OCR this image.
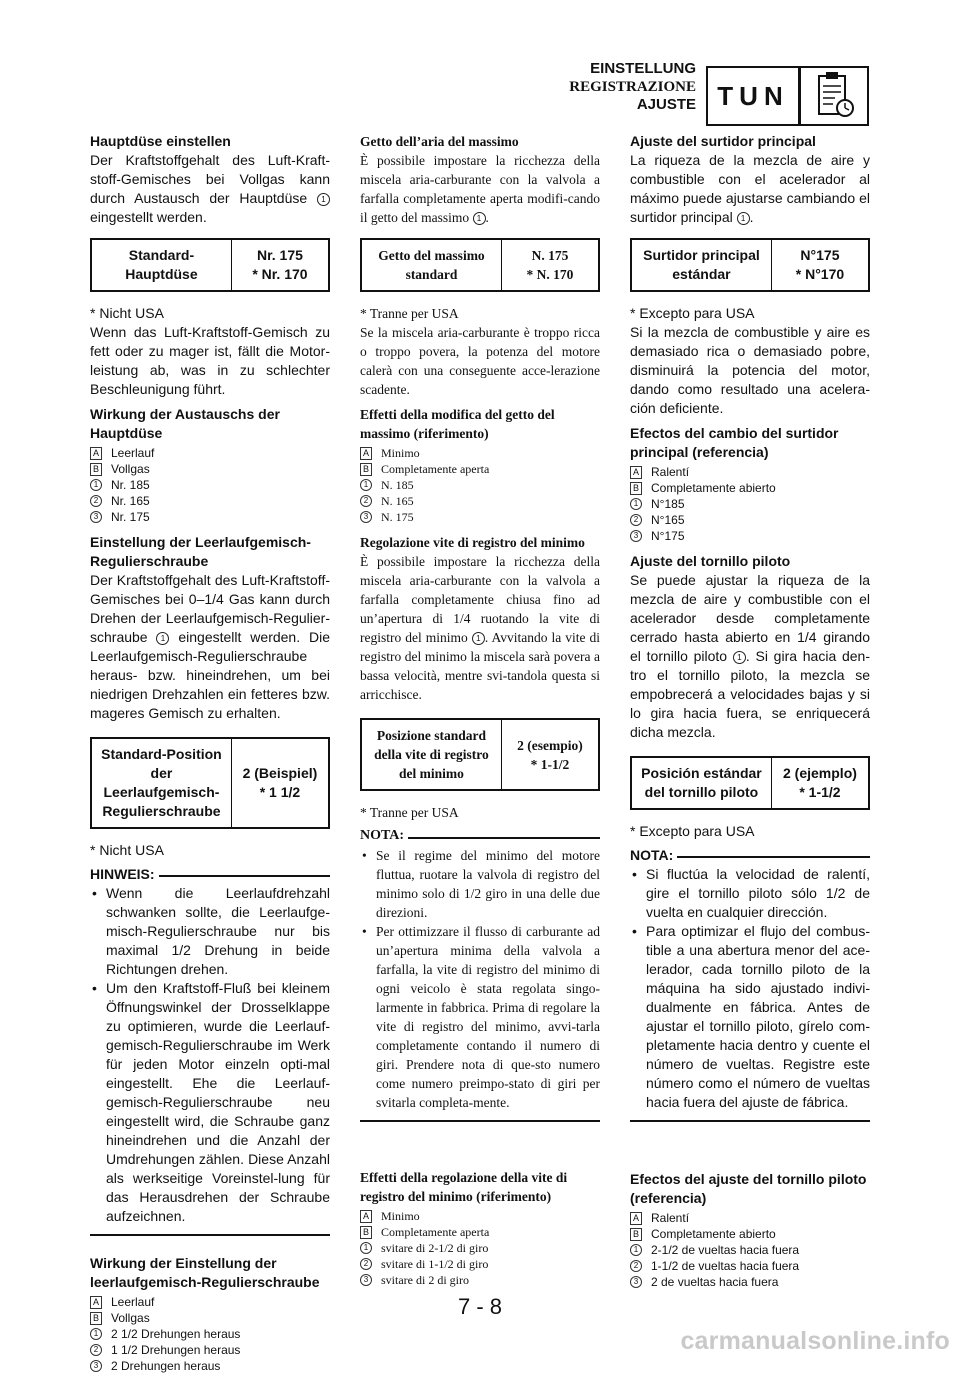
EINSTELLUNG
REGISTRAZIONE
AJUSTE TUN

Hauptdüse einstellen

Der Kraftstoffgehalt des Luft-Kraft-stoff-Gemisches bei Vollgas kann durch Austausch der Hauptdüse 1 eingestellt werden.

Standard-Hauptdüse	Nr. 175
* Nr. 170

* Nicht USA

Wenn das Luft-Kraftstoff-Gemisch zu fett oder zu mager ist, fällt die Motor-leistung ab, was in zu schlechter Beschleunigung führt.

Wirkung der Austauschs der Hauptdüse

A Leerlauf
B Vollgas
1	Nr. 185
2	Nr. 165
3	Nr. 175

Einstellung der Leerlaufgemisch-Regulierschraube

Der Kraftstoffgehalt des Luft-Kraftstoff-Gemisches bei 0–1/4 Gas kann durch Drehen der Leerlaufgemisch-Regulier-schraube 1 eingestellt werden. Die Leerlaufgemisch-Regulierschraube heraus- bzw. hineindrehen, um bei niedrigen Drehzahlen ein fetteres bzw. mageres Gemisch zu erhalten.

Standard-Position der Leerlaufgemisch-Regulierschraube	2 (Beispiel)
* 1 1/2

* Nicht USA

HINWEIS:
• Wenn die Leerlaufdrehzahl schwanken sollte, die Leerlaufge-misch-Regulierschraube nur bis maximal 1/2 Drehung in beide Richtungen drehen.
• Um den Kraftstoff-Fluß bei kleinem Öffnungswinkel der Drosselklappe zu optimieren, wurde die Leerlauf-gemisch-Regulierschraube im Werk für jeden Motor einzeln opti-mal eingestellt. Ehe die Leerlauf-gemisch-Regulierschraube neu eingestellt wird, die Schraube ganz hineindrehen und die Anzahl der Umdrehungen zählen. Diese Anzahl als werkseitige Voreinstel-lung für das Herausdrehen der Schraube aufzeichnen.

Wirkung der Einstellung der leerlaufgemisch-Regulierschraube

A Leerlauf
B Vollgas
1	2 1/2 Drehungen heraus
2	1 1/2 Drehungen heraus
3	2 Drehungen heraus

Getto dell’aria del massimo

È possibile impostare la ricchezza della miscela aria-carburante con la valvola a farfalla completamente aperta modifi-cando il getto del massimo 1 .

Getto del massimo standard	N. 175
* N. 170

* Tranne per USA

Se la miscela aria-carburante è troppo ricca o troppo povera, la potenza del motore calerà con una conseguente acce-lerazione scadente.

Effetti della modifica del getto del massimo (riferimento)

A Minimo
B Completamente aperta
1	N. 185
2	N. 165
3	N. 175

Regolazione vite di registro del minimo

È possibile impostare la ricchezza della miscela aria-carburante con la valvola a farfalla completamente chiusa fino ad un’apertura di 1/4 ruotando la vite di registro del minimo 1 . Avvitando la vite di registro del minimo la miscela sarà povera a bassa velocità, mentre svi-tandola questa si arricchisce.

Posizione standard della vite di registro del minimo	2 (esempio)
* 1-1/2

* Tranne per USA

NOTA:
• Se il regime del minimo del motore fluttua, ruotare la valvola di registro del minimo solo di 1/2 giro in una delle due direzioni.
• Per ottimizzare il flusso di carburante ad un’apertura minima della valvola a farfalla, la vite di registro del minimo di ogni veicolo è stata regolata singo-larmente in fabbrica. Prima di regolare la vite di registro del minimo, avvi-tarla completamente contando il numero di giri. Prendere nota di que-sto numero come numero preimpo-stato di giri per svitarla completa-mente.

Effetti della regolazione della vite di registro del minimo (riferimento)

A Minimo
B Completamente aperta
1	svitare di 2-1/2 di giro
2	svitare di 1-1/2 di giro
3	svitare di 2 di giro

Ajuste del surtidor principal

La riqueza de la mezcla de aire y combustible con el acelerador al máximo puede ajustarse cambiando el surtidor principal 1 .

Surtidor principal estándar	N°175
* N°170

* Excepto para USA

Si la mezcla de combustible y aire es demasiado rica o demasiado pobre, disminuirá la potencia del motor, dando como resultado una acelera-ción deficiente.

Efectos del cambio del surtidor principal (referencia)

A Ralentí
B Completamente abierto
1	N°185
2	N°165
3	N°175

Ajuste del tornillo piloto

Se puede ajustar la riqueza de la mezcla de aire y combustible con el acelerador desde completamente cerrado hasta abierto en 1/4 girando el tornillo piloto 1 . Si gira hacia den-tro el tornillo piloto, la mezcla se empobrecerá a velocidades bajas y si lo gira hacia fuera, se enriquecerá dicha mezcla.

Posición estándar del tornillo piloto	2 (ejemplo)
* 1-1/2

* Excepto para USA

NOTA:
• Si fluctúa la velocidad de ralentí, gire el tornillo piloto sólo 1/2 de vuelta en cualquier dirección.
• Para optimizar el flujo del combus-tible a una abertura menor del ace-lerador, cada tornillo piloto de la máquina ha sido ajustado indivi-dualmente en fábrica. Antes de ajustar el tornillo piloto, gírelo com-pletamente hacia dentro y cuente el número de vueltas. Registre este número como el número de vueltas hacia fuera del ajuste de fábrica.

Efectos del ajuste del tornillo piloto (referencia)

A Ralentí
B Completamente abierto
1	2-1/2 de vueltas hacia fuera
2	1-1/2 de vueltas hacia fuera
3	2 de vueltas hacia fuera
7 - 8
carmanualsonline.info
